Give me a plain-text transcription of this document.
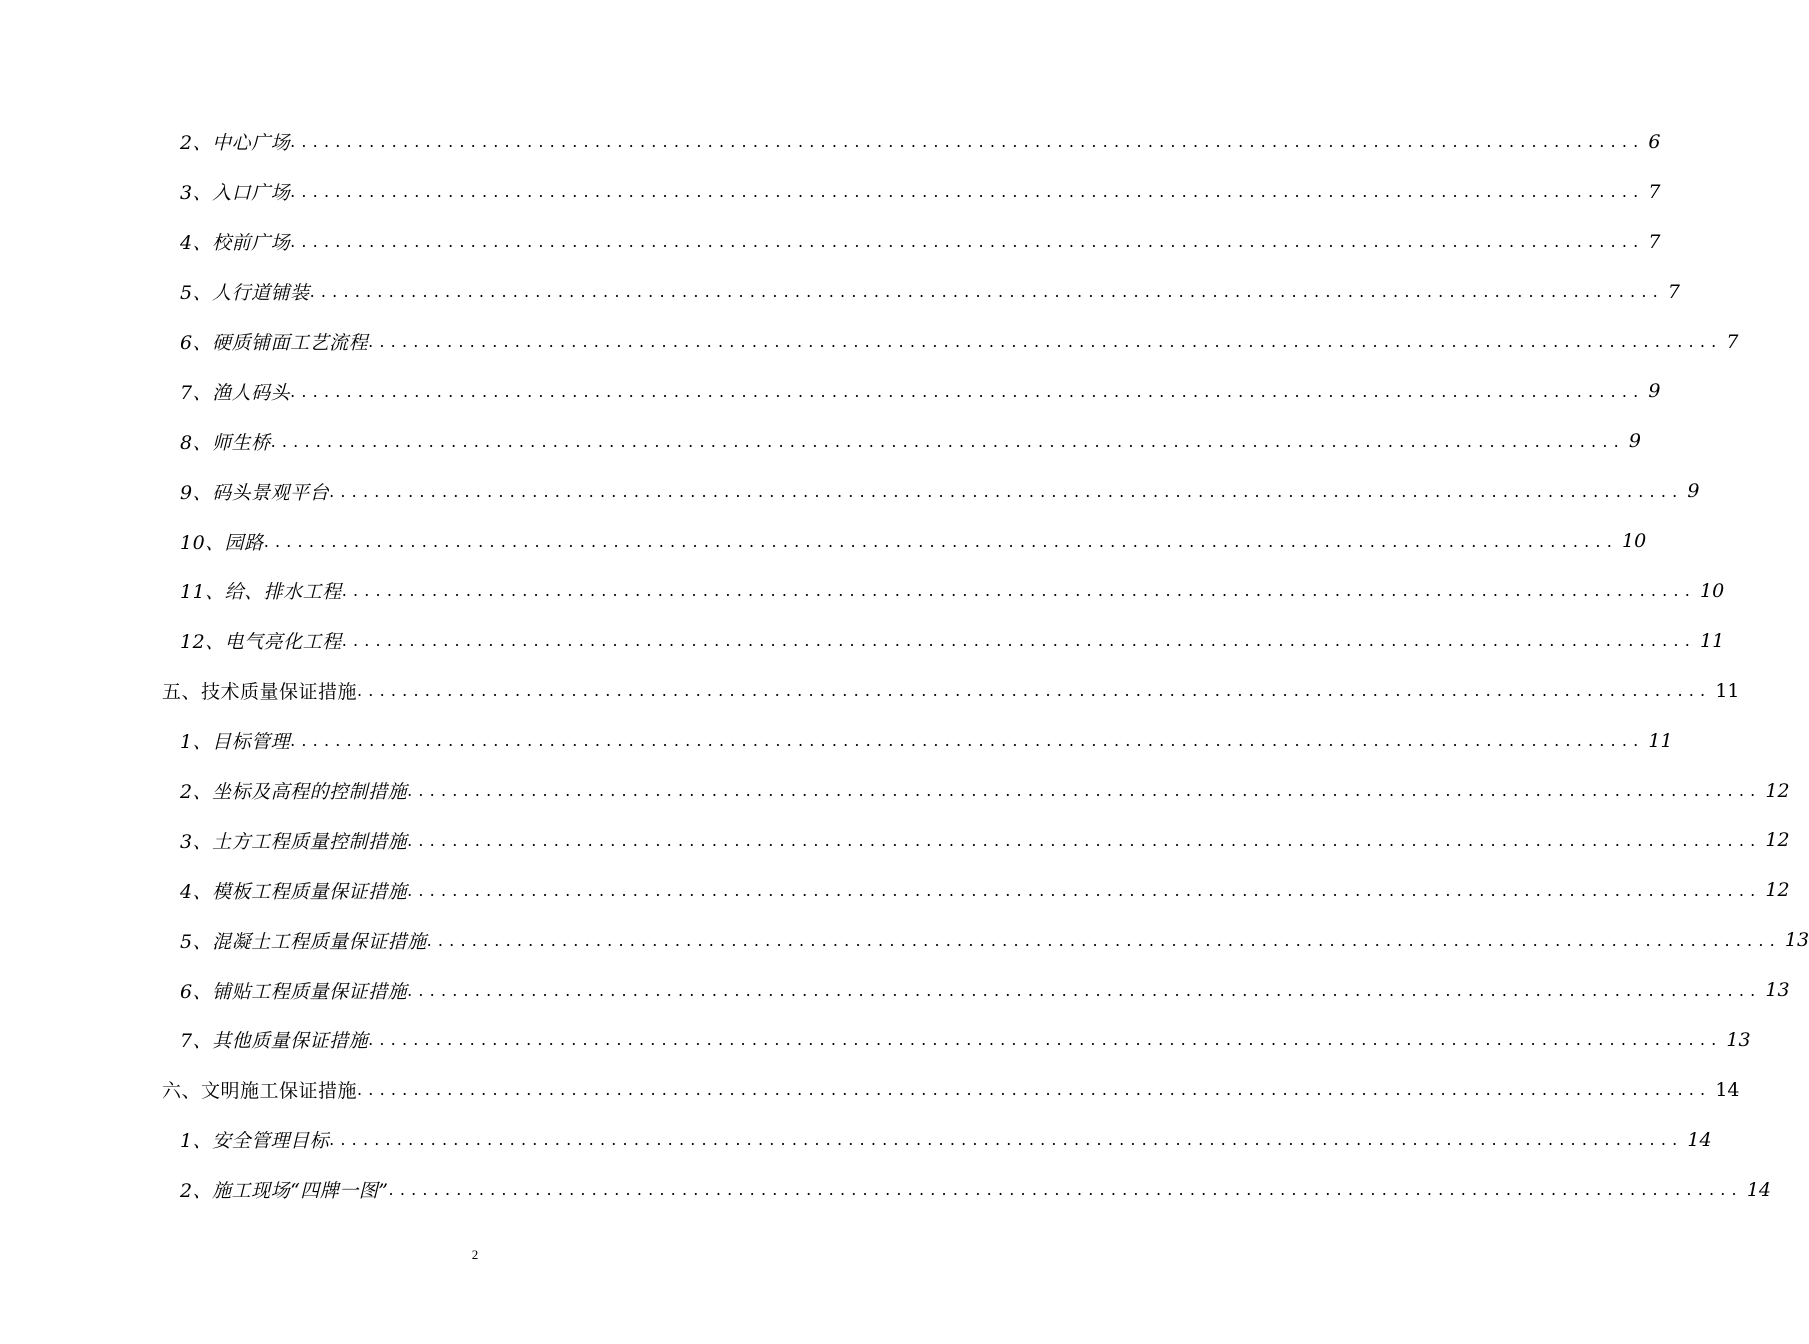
2、中心广场 ........................................................................................................................ 6
3、入口广场 ........................................................................................................................ 7
4、校前广场 ........................................................................................................................ 7
5、人行道铺装 ........................................................................................................................ 7
6、硬质铺面工艺流程 ........................................................................................................................ 7
7、渔人码头 ........................................................................................................................ 9
8、师生桥 ........................................................................................................................ 9
9、码头景观平台 ........................................................................................................................ 9
10、园路 ........................................................................................................................ 10
11、给、排水工程 ........................................................................................................................ 10
12、电气亮化工程 ........................................................................................................................ 11
五、技术质量保证措施 ........................................................................................................................ 11
1、目标管理 ........................................................................................................................ 11
2、坐标及高程的控制措施 ........................................................................................................................ 12
3、土方工程质量控制措施 ........................................................................................................................ 12
4、模板工程质量保证措施 ........................................................................................................................ 12
5、混凝土工程质量保证措施 ........................................................................................................................ 13
6、铺贴工程质量保证措施 ........................................................................................................................ 13
7、其他质量保证措施 ........................................................................................................................ 13
六、文明施工保证措施 ........................................................................................................................ 14
1、安全管理目标 ........................................................................................................................ 14
2、施工现场“四牌一图” ........................................................................................................................ 14
2
